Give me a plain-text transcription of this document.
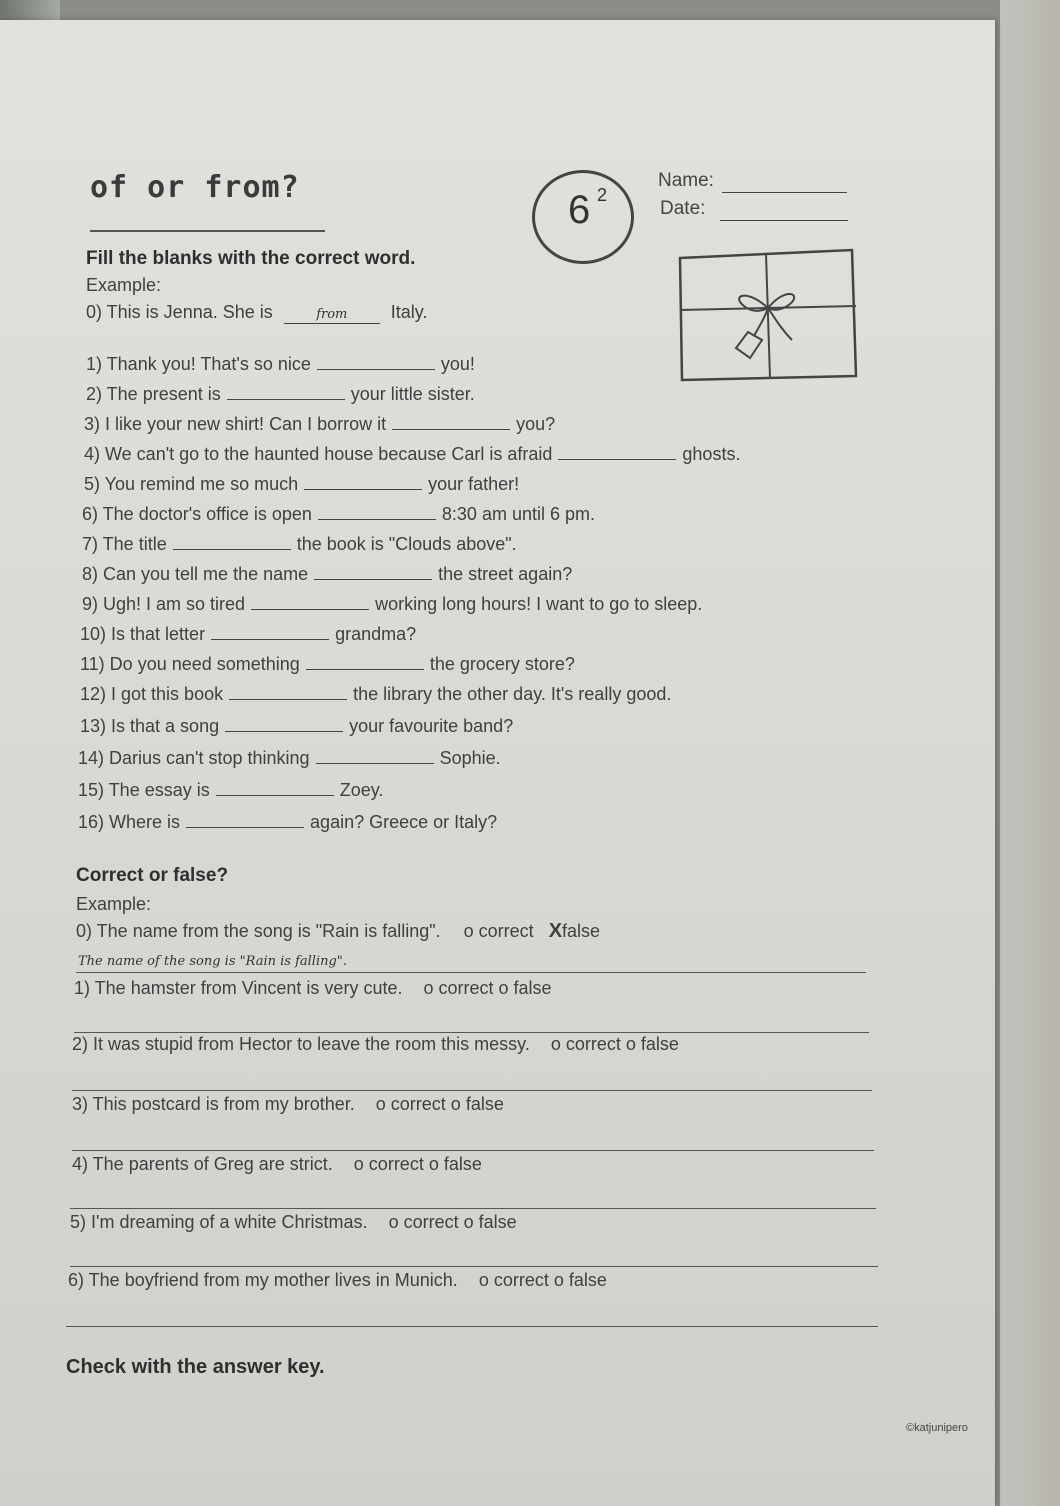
of or from?
6 2
Name:
Date:
Fill the blanks with the correct word.
Example:
0) This is Jenna. She is	from Italy.
1) Thank you! That's so nice	you!
2) The present is	your little sister.
3) I like your new shirt! Can I borrow it	you?
4) We can't go to the haunted house because Carl is afraid	ghosts.
5) You remind me so much	your father!
6) The doctor's office is open	8:30 am until 6 pm.
7) The title	the book is "Clouds above".
8) Can you tell me the name	the street again?
9) Ugh! I am so tired	working long hours! I want to go to sleep.
10) Is that letter	grandma?
11) Do you need something	the grocery store?
12) I got this book	the library the other day. It's really good.
13) Is that a song	your favourite band?
14) Darius can't stop thinking	Sophie.
15) The essay is	Zoey.
16) Where is	again? Greece or Italy?
Correct or false?
Example:
0) The name from the song is "Rain is falling". o correct Xfalse
The name of the song is "Rain is falling".
1) The hamster from Vincent is very cute. o correct o false
2) It was stupid from Hector to leave the room this messy. o correct o false
3) This postcard is from my brother. o correct o false
4) The parents of Greg are strict. o correct o false
5) I'm dreaming of a white Christmas. o correct o false
6) The boyfriend from my mother lives in Munich. o correct o false
Check with the answer key.
©katjunipero
